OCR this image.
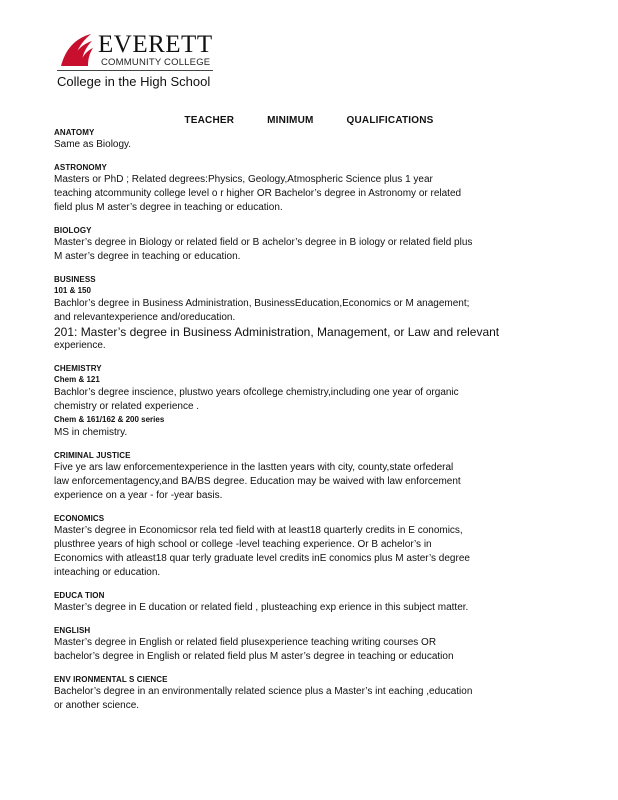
EVERETT
COMMUNITY COLLEGE
College in the High School
TEACHER MINIMUM QUALIFICATIONS
ANATOMY
Same as Biology.
ASTRONOMY
Masters or PhD ; Related degrees:Physics, Geology,Atmospheric Science plus 1 year
teaching atcommunity college level o r higher OR Bachelor’s degree in Astronomy or related
field plus M aster’s degree in teaching or education.
BIOLOGY
Master’s degree in Biology or related field or B achelor’s degree in B iology or related field plus
M aster’s degree in teaching or education.
BUSINESS
101 & 150
Bachlor’s degree in Business Administration, BusinessEducation,Economics or M anagement;
and relevantexperience and/oreducation.
201: Master’s degree in Business Administration, Management, or Law and relevant
experience.
CHEMISTRY
Chem & 121
Bachlor’s degree inscience, plustwo years ofcollege chemistry,including one year of organic
chemistry or related experience .
Chem & 161/162 & 200 series
MS in chemistry.
CRIMINAL JUSTICE
Five ye ars law enforcementexperience in the lastten years with city, county,state orfederal
law enforcementagency,and BA/BS degree. Education may be waived with law enforcement
experience on a year - for -year basis.
ECONOMICS
Master’s degree in Economicsor rela ted field with at least18 quarterly credits in E conomics,
plusthree years of high school or college -level teaching experience. Or B achelor’s in
Economics with atleast18 quar terly graduate level credits inE conomics plus M aster’s degree
inteaching or education.
EDUCA TION
Master’s degree in E ducation or related field , plusteaching exp erience in this subject matter.
ENGLISH
Master’s degree in English or related field plusexperience teaching writing courses OR
bachelor’s degree in English or related field plus M aster’s degree in teaching or education
ENV IRONMENTAL S CIENCE
Bachelor’s degree in an environmentally related science plus a Master’s int eaching ,education
or another science.
